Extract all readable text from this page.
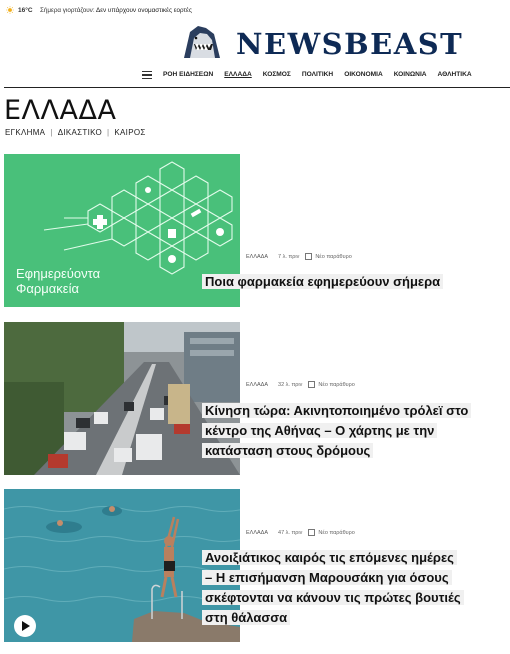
16°C Σήμερα γιορτάζουν: Δεν υπάρχουν ονομαστικές εορτές
NEWSBEAST
ΡΟΗ ΕΙΔΗΣΕΩΝ ΕΛΛΑΔΑ ΚΟΣΜΟΣ ΠΟΛΙΤΙΚΗ ΟΙΚΟΝΟΜΙΑ ΚΟΙΝΩΝΙΑ ΑΘΛΗΤΙΚΑ
ΕΛΛΑΔΑ
ΕΓΚΛΗΜΑ | ΔΙΚΑΣΤΙΚΟ | ΚΑΙΡΟΣ
Εφημερεύοντα
Φαρμακεία
ΕΛΛΑΔΑ 7 λ. πριν	Νέο παράθυρο
Ποια φαρμακεία εφημερεύουν σήμερα
ΕΛΛΑΔΑ 32 λ. πριν	Νέο παράθυρο
Κίνηση τώρα: Ακινητοποιημένο τρόλεϊ στο
κέντρο της Αθήνας – Ο χάρτης με την
κατάσταση στους δρόμους
ΕΛΛΑΔΑ 47 λ. πριν	Νέο παράθυρο
Ανοιξιάτικος καιρός τις επόμενες ημέρες
– Η επισήμανση Μαρουσάκη για όσους
σκέφτονται να κάνουν τις πρώτες βουτιές
στη θάλασσα
